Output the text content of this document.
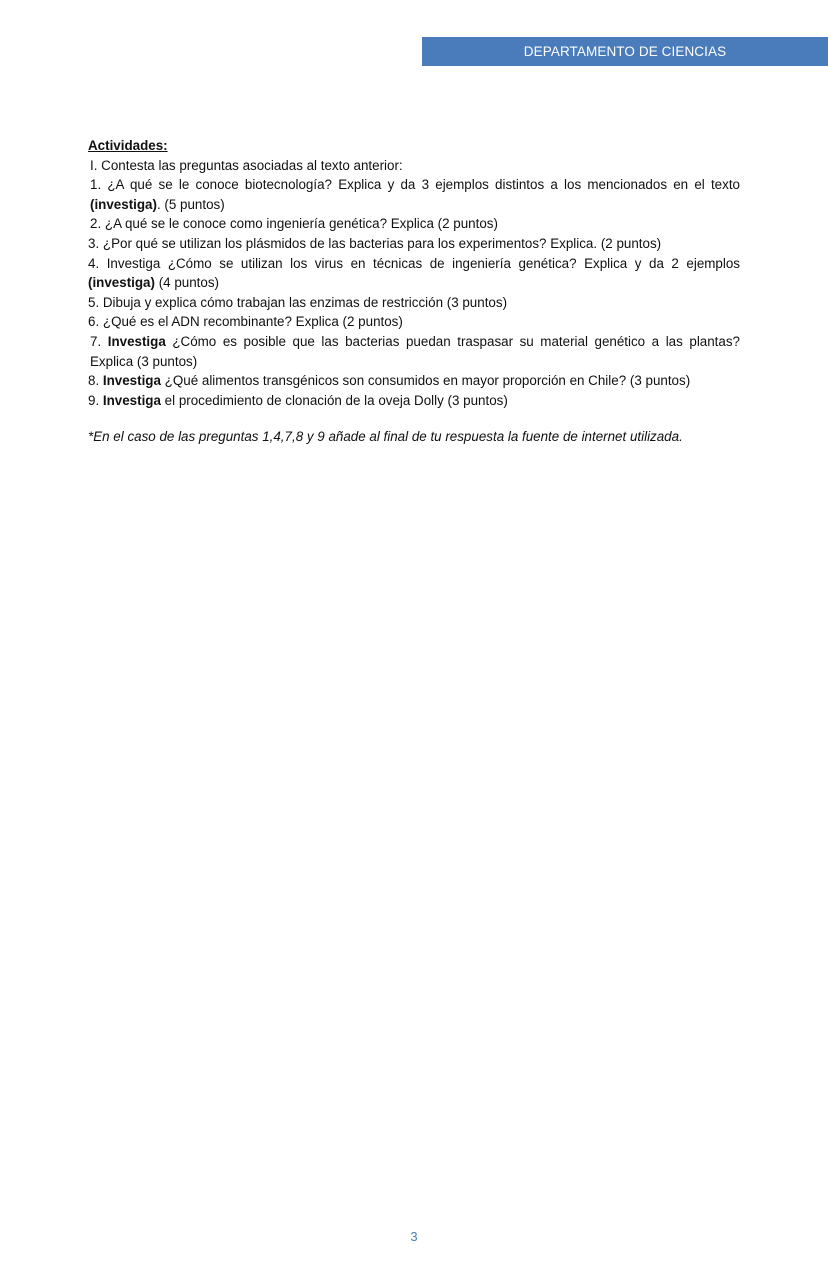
DEPARTAMENTO DE CIENCIAS

Actividades:

I. Contesta las preguntas asociadas al texto anterior:

1. ¿A qué se le conoce biotecnología? Explica y da 3 ejemplos distintos a los mencionados en el texto (investiga). (5 puntos)

2. ¿A qué se le conoce como ingeniería genética? Explica (2 puntos)

3. ¿Por qué se utilizan los plásmidos de las bacterias para los experimentos? Explica. (2 puntos)

4. Investiga ¿Cómo se utilizan los virus en técnicas de ingeniería genética? Explica y da 2 ejemplos (investiga) (4 puntos)

5. Dibuja y explica cómo trabajan las enzimas de restricción (3 puntos)

6. ¿Qué es el ADN recombinante? Explica (2 puntos)

7. Investiga ¿Cómo es posible que las bacterias puedan traspasar su material genético a las plantas? Explica (3 puntos)

8. Investiga ¿Qué alimentos transgénicos son consumidos en mayor proporción en Chile? (3 puntos)

9. Investiga el procedimiento de clonación de la oveja Dolly (3 puntos)

*En el caso de las preguntas 1,4,7,8 y 9 añade al final de tu respuesta la fuente de internet utilizada.

3
